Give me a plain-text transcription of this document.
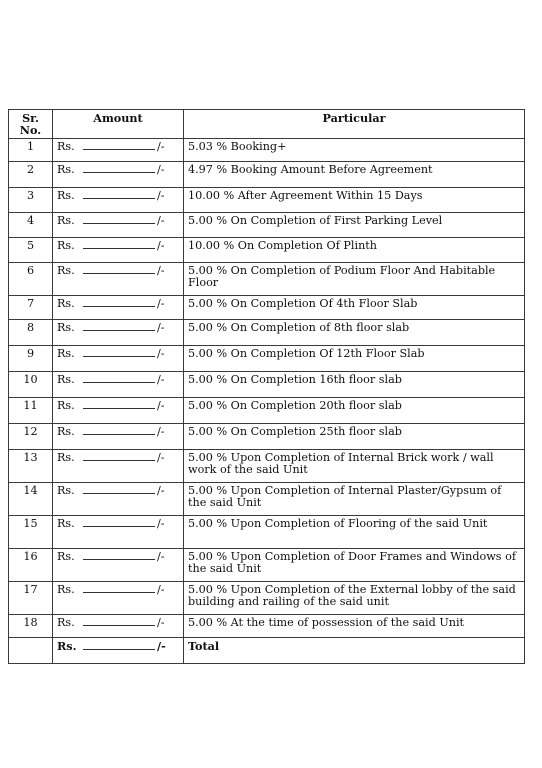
Sr. No.	Amount	Particular
1	Rs. /-	5.03 % Booking+
2	Rs. /-	4.97 % Booking Amount Before Agreement
3	Rs. /-	10.00 % After Agreement Within 15 Days
4	Rs. /-	5.00 % On Completion of First Parking Level
5	Rs. /-	10.00 % On Completion Of Plinth
6	Rs. /-	5.00 % On Completion of Podium Floor And Habitable Floor
7	Rs. /-	5.00 % On Completion Of 4th Floor Slab
8	Rs. /-	5.00 % On Completion of 8th floor slab
9	Rs. /-	5.00 % On Completion Of 12th Floor Slab
10	Rs. /-	5.00 % On Completion 16th floor slab
11	Rs. /-	5.00 % On Completion 20th floor slab
12	Rs. /-	5.00 % On Completion 25th floor slab
13	Rs. /-	5.00 % Upon Completion of Internal Brick work / wall work of the said Unit
14	Rs. /-	5.00 % Upon Completion of Internal Plaster/Gypsum of the said Unit
15	Rs. /-	5.00 % Upon Completion of Flooring of the said Unit
16	Rs. /-	5.00 % Upon Completion of Door Frames and Windows of the said Unit
17	Rs. /-	5.00 % Upon Completion of the External lobby of the said building and railing of the said unit
18	Rs. /-	5.00 % At the time of possession of the said Unit
	Rs. /-	Total
